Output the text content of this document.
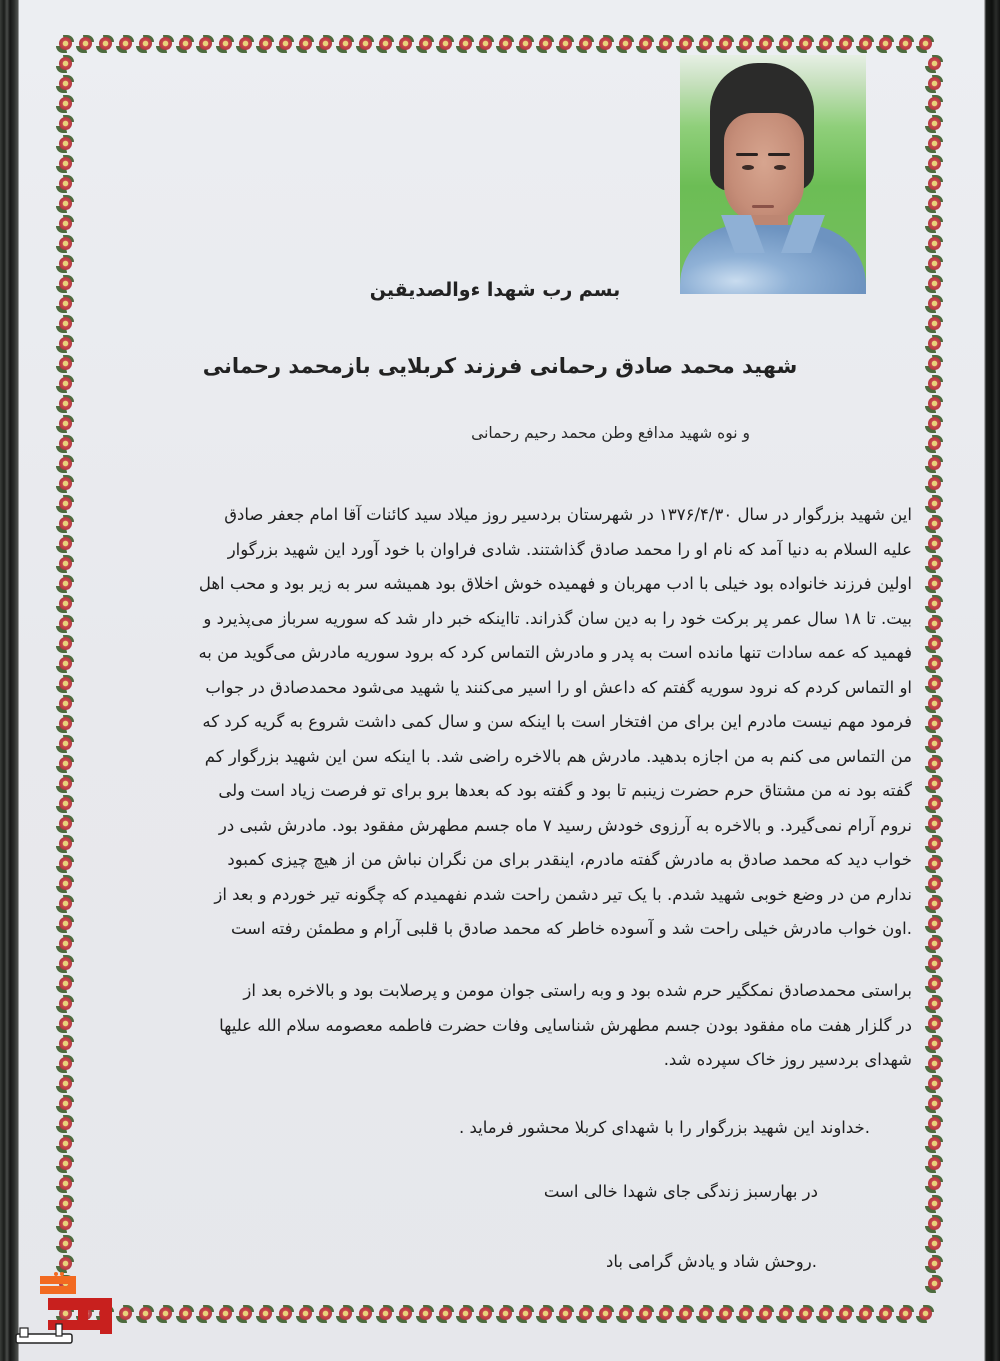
بسم رب شهدا ءوالصدیقین
شهید محمد صادق رحمانی فرزند کربلایی بازمحمد رحمانی
و نوه شهید مدافع وطن محمد رحیم رحمانی
این شهید بزرگوار در سال ۱۳۷۶/۴/۳۰ در شهرستان بردسیر روز میلاد سید کائنات آقا امام جعفر صادق
علیه السلام به دنیا آمد که نام او را محمد صادق گذاشتند. شادی فراوان با خود آورد این شهید بزرگوار
اولین فرزند خانواده بود خیلی با ادب مهربان و فهمیده خوش اخلاق بود همیشه سر به زیر بود و محب اهل
بیت. تا ۱۸ سال عمر پر برکت خود را به دین سان گذراند. تااینکه خبر دار شد که سوریه سرباز می‌پذیرد و
فهمید که عمه سادات تنها مانده است به پدر و مادرش التماس کرد که برود سوریه مادرش می‌گوید من به
او التماس کردم که نرود سوریه گفتم که داعش او را اسیر می‌کنند یا شهید می‌شود محمدصادق در جواب
فرمود مهم نیست مادرم این برای من افتخار است با اینکه سن و سال کمی داشت شروع به گریه کرد که
من التماس می کنم به من اجازه بدهید. مادرش هم بالاخره راضی شد. با اینکه سن این شهید بزرگوار کم
گفته بود نه من مشتاق حرم حضرت زینبم تا بود و گفته بود که بعدها برو برای تو فرصت زیاد است ولی
نروم آرام نمی‌گیرد. و بالاخره به آرزوی خودش رسید ۷ ماه جسم مطهرش مفقود بود. مادرش شبی در
خواب دید که محمد صادق به مادرش گفته مادرم، اینقدر برای من نگران نباش من از هیچ چیزی کمبود
ندارم من در وضع خوبی شهید شدم. با یک تیر دشمن راحت شدم نفهمیدم که چگونه تیر خوردم و بعد از
.اون خواب مادرش خیلی راحت شد و آسوده خاطر که محمد صادق با قلبی آرام و مطمئن رفته است
براستی محمدصادق نمکگیر حرم شده بود و وبه راستی جوان مومن و پرصلابت بود و بالاخره بعد از
در گلزار هفت ماه مفقود بودن جسم مطهرش شناسایی وفات حضرت فاطمه معصومه سلام الله علیها
شهدای بردسیر روز خاک سپرده شد.
.خداوند این شهید بزرگوار را با شهدای کربلا محشور فرماید .
در بهارسبز زندگی جای شهدا خالی است
.روحش شاد و یادش گرامی باد
